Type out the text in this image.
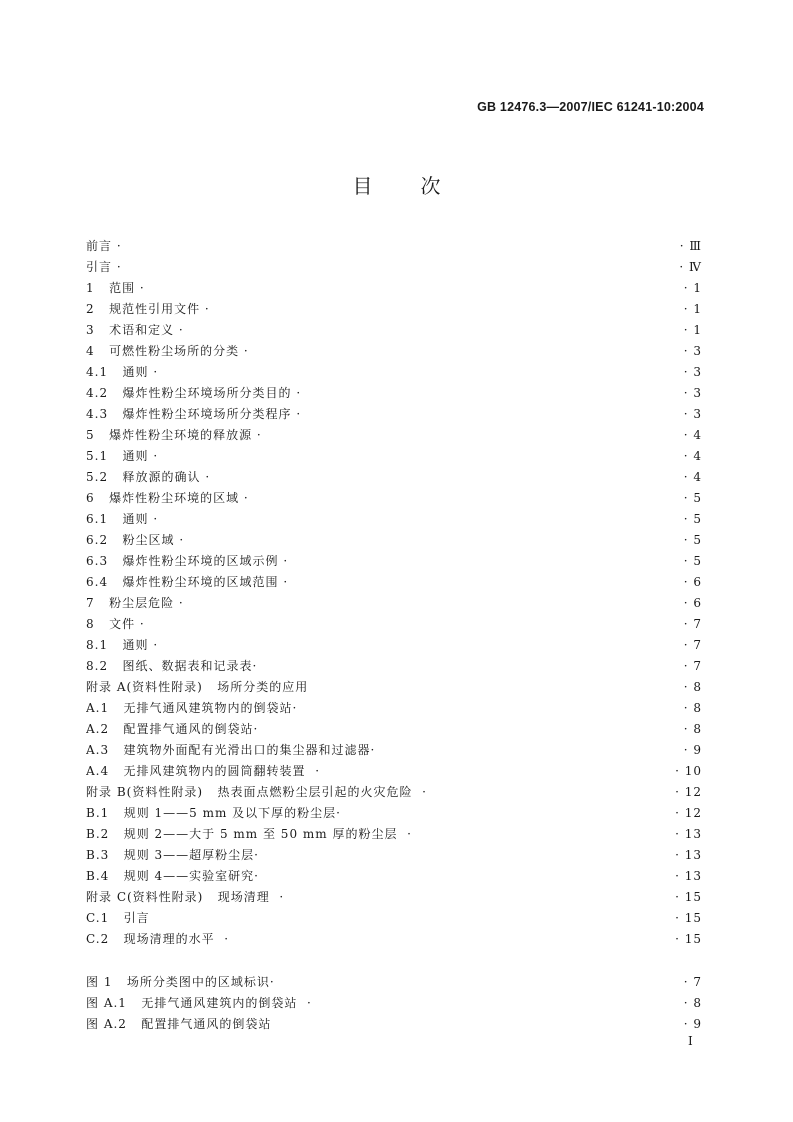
GB 12476.3—2007/IEC 61241-10:2004
目次
前言 ·	· Ⅲ
引言 ·	· Ⅳ
1   范围 ·	· 1
2   规范性引用文件 ·	· 1
3   术语和定义 ·	· 1
4   可燃性粉尘场所的分类 ·	· 3
4.1   通则 ·	· 3
4.2   爆炸性粉尘环境场所分类目的 ·	· 3
4.3   爆炸性粉尘环境场所分类程序 ·	· 3
5   爆炸性粉尘环境的释放源 ·	· 4
5.1   通则 ·	· 4
5.2   释放源的确认 ·	· 4
6   爆炸性粉尘环境的区域 ·	· 5
6.1   通则 ·	· 5
6.2   粉尘区域 ·	· 5
6.3   爆炸性粉尘环境的区域示例 ·	· 5
6.4   爆炸性粉尘环境的区域范围 ·	· 6
7   粉尘层危险 ·	· 6
8   文件 ·	· 7
8.1   通则 ·	· 7
8.2   图纸、数据表和记录表·	· 7
附录 A(资料性附录)   场所分类的应用	· 8
A.1   无排气通风建筑物内的倒袋站·	· 8
A.2   配置排气通风的倒袋站·	· 8
A.3   建筑物外面配有光滑出口的集尘器和过滤器·	· 9
A.4   无排风建筑物内的圆筒翻转装置  ·	· 10
附录 B(资料性附录)   热表面点燃粉尘层引起的火灾危险  ·	· 12
B.1   规则 1——5 mm 及以下厚的粉尘层·	· 12
B.2   规则 2——大于 5 mm 至 50 mm 厚的粉尘层  ·	· 13
B.3   规则 3——超厚粉尘层·	· 13
B.4   规则 4——实验室研究·	· 13
附录 C(资料性附录)   现场清理  ·	· 15
C.1   引言	· 15
C.2   现场清理的水平  ·	· 15
图 1   场所分类图中的区域标识·	· 7
图 A.1   无排气通风建筑内的倒袋站  ·	· 8
图 A.2   配置排气通风的倒袋站	· 9
I
